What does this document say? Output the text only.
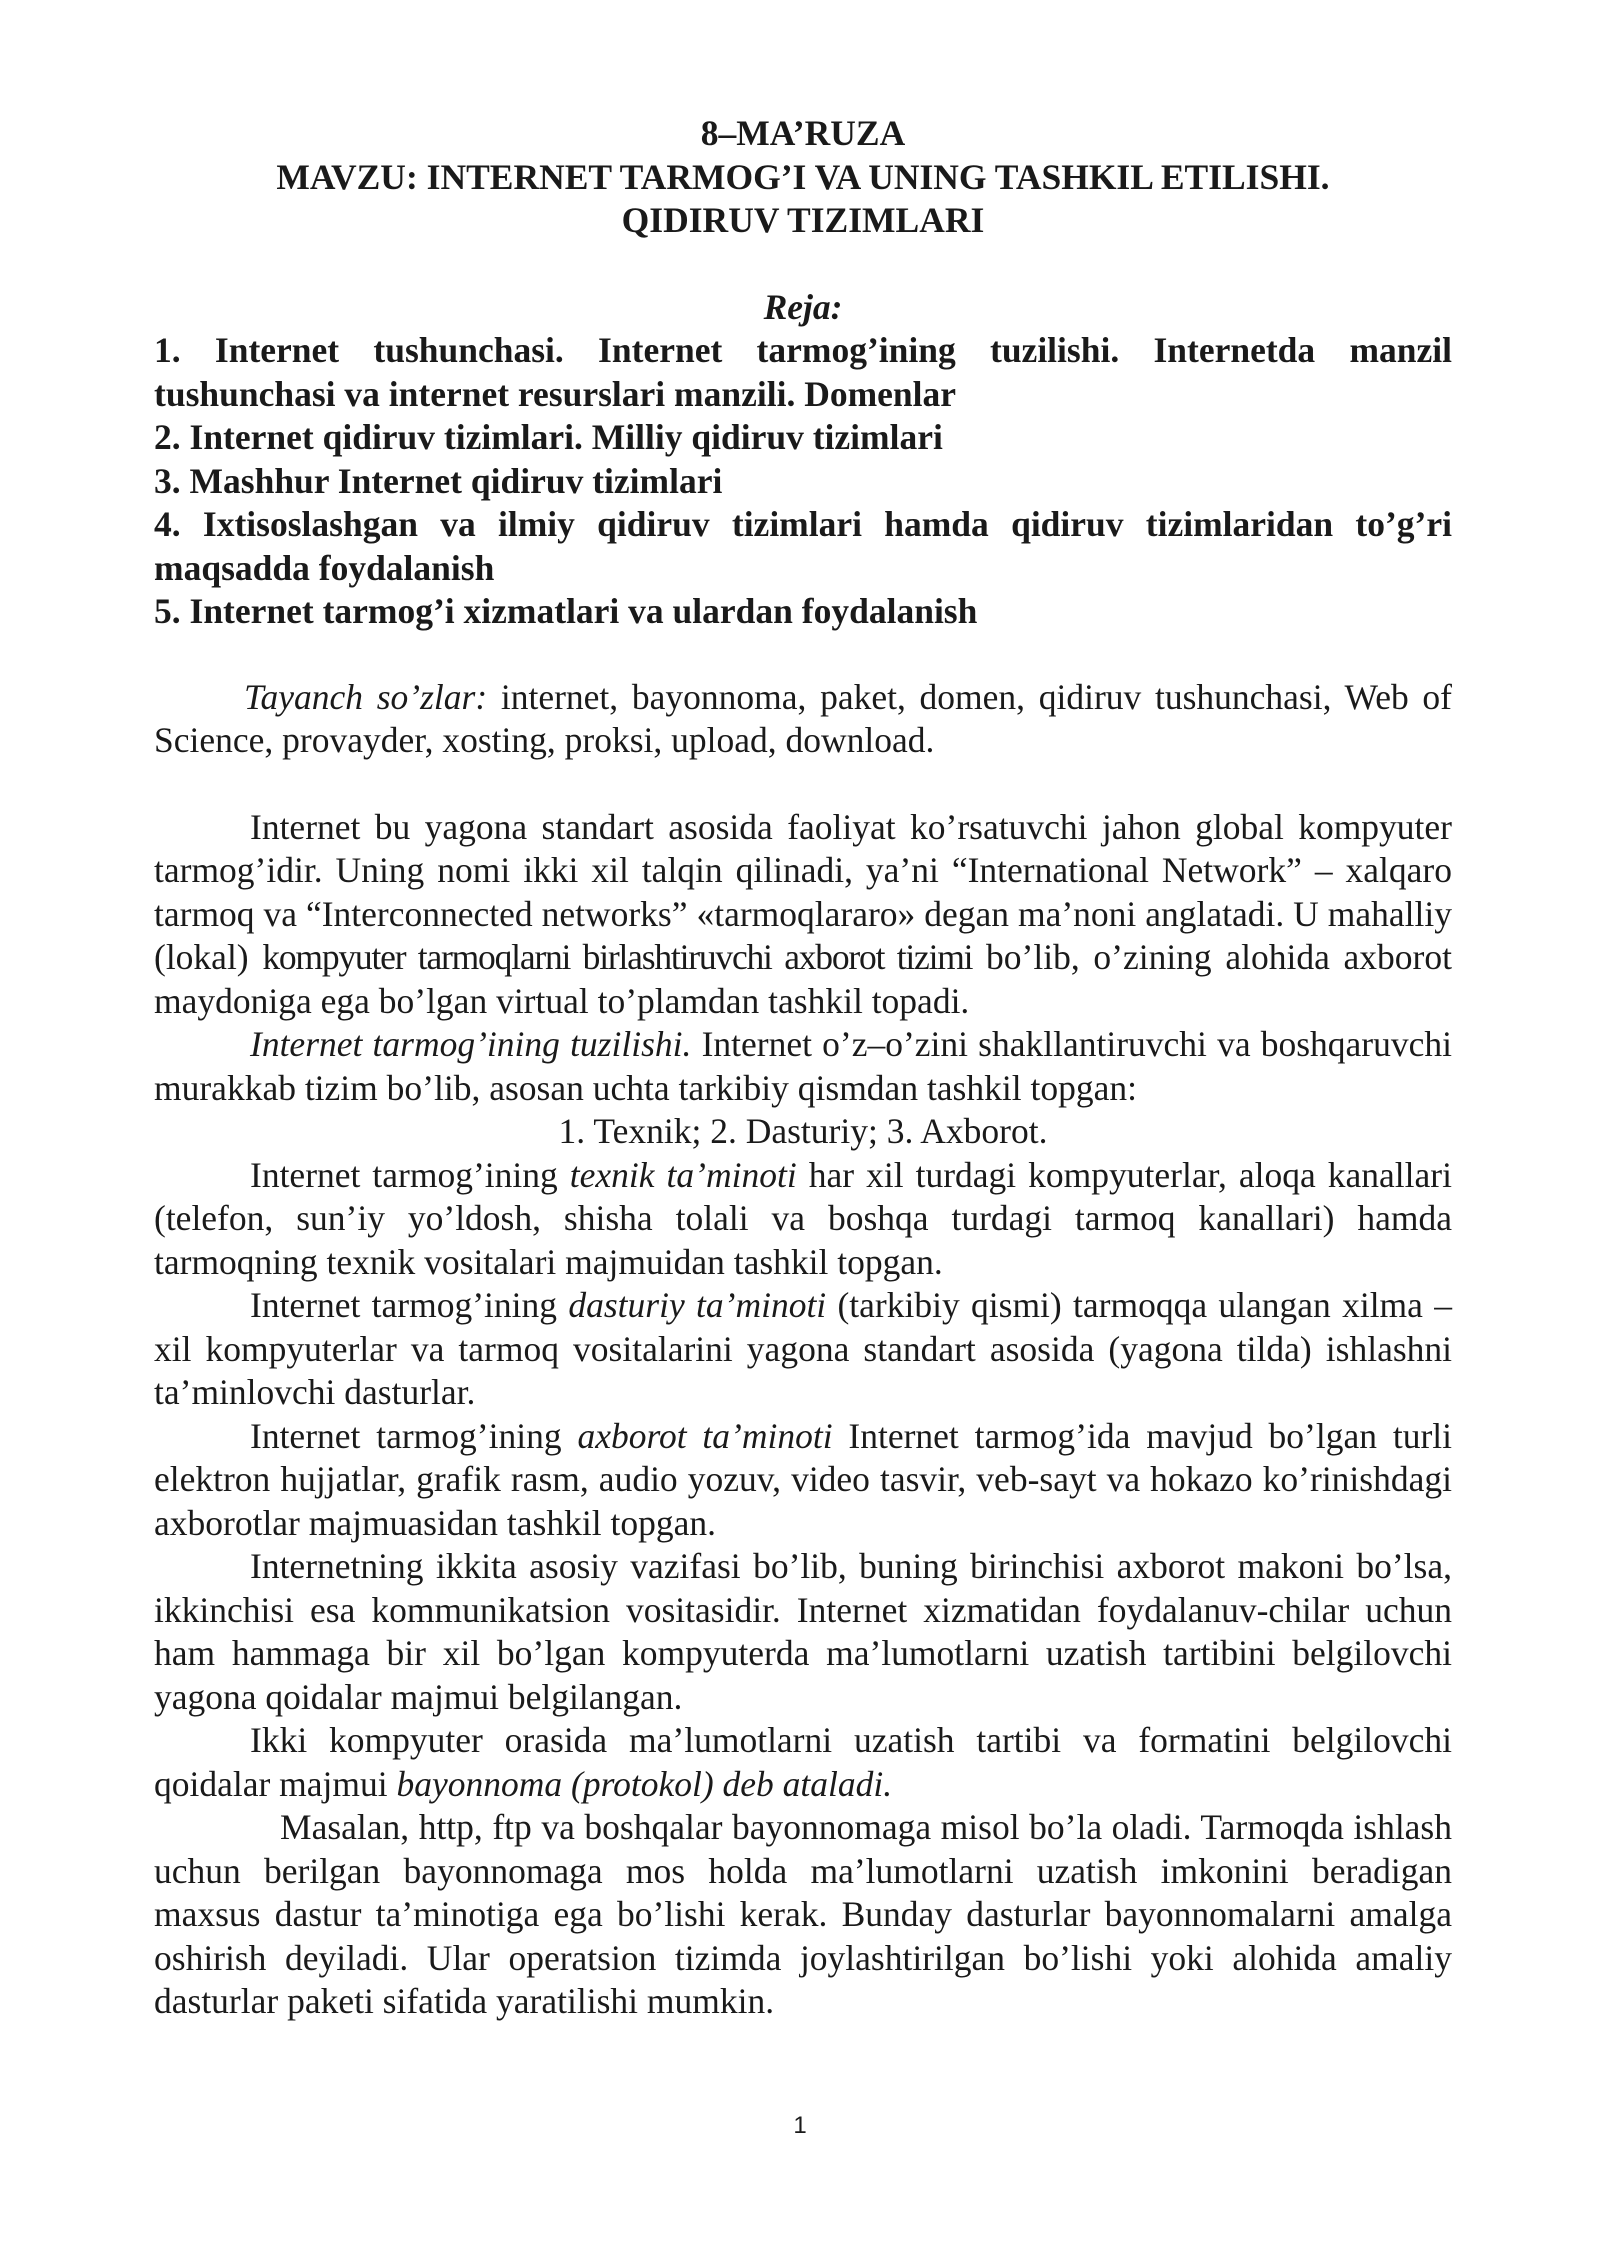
8–MA’RUZA
MAVZU: INTERNET TARMOG’I VA UNING TASHKIL ETILISHI.
QIDIRUV TIZIMLARI
Reja:
1. Internet tushunchasi. Internet tarmog’ining tuzilishi. Internetda manzil tushunchasi va internet resurslari manzili. Domenlar
2. Internet qidiruv tizimlari. Milliy qidiruv tizimlari
3. Mashhur Internet qidiruv tizimlari
4. Ixtisoslashgan va ilmiy qidiruv tizimlari hamda qidiruv tizimlaridan to’g’ri maqsadda foydalanish
5. Internet tarmog’i xizmatlari va ulardan foydalanish
Tayanch so’zlar: internet, bayonnoma, paket, domen, qidiruv tushunchasi, Web of Science, provayder, xosting, proksi, upload, download.
Internet bu yagona standart asosida faoliyat ko’rsatuvchi jahon global kompyuter tarmog’idir. Uning nomi ikki xil talqin qilinadi, ya’ni “International Network” – xalqaro tarmoq va “Interconnected networks” «tarmoqlararo» degan ma’noni anglatadi. U mahalliy (lokal) kompyuter tarmoqlarni birlashtiruvchi axborot tizimi bo’lib, o’zining alohida axborot maydoniga ega bo’lgan virtual to’plamdan tashkil topadi.
Internet tarmog’ining tuzilishi. Internet o’z–o’zini shakllantiruvchi va boshqaruvchi murakkab tizim bo’lib, asosan uchta tarkibiy qismdan tashkil topgan:
1. Texnik; 2. Dasturiy; 3. Axborot.
Internet tarmog’ining texnik ta’minoti har xil turdagi kompyuterlar, aloqa kanallari (telefon, sun’iy yo’ldosh, shisha tolali va boshqa turdagi tarmoq kanallari) hamda tarmoqning texnik vositalari majmuidan tashkil topgan.
Internet tarmog’ining dasturiy ta’minoti (tarkibiy qismi) tarmoqqa ulangan xilma – xil kompyuterlar va tarmoq vositalarini yagona standart asosida (yagona tilda) ishlashni ta’minlovchi dasturlar.
Internet tarmog’ining axborot ta’minoti Internet tarmog’ida mavjud bo’lgan turli elektron hujjatlar, grafik rasm, audio yozuv, video tasvir, veb-sayt va hokazo ko’rinishdagi axborotlar majmuasidan tashkil topgan.
Internetning ikkita asosiy vazifasi bo’lib, buning birinchisi axborot makoni bo’lsa, ikkinchisi esa kommunikatsion vositasidir. Internet xizmatidan foydalanuv-chilar uchun ham hammaga bir xil bo’lgan kompyuterda ma’lumotlarni uzatish tartibini belgilovchi yagona qoidalar majmui belgilangan.
Ikki kompyuter orasida ma’lumotlarni uzatish tartibi va formatini belgilovchi qoidalar majmui bayonnoma (protokol) deb ataladi.
Masalan, http, ftp va boshqalar bayonnomaga misol bo’la oladi. Tarmoqda ishlash uchun berilgan bayonnomaga mos holda ma’lumotlarni uzatish imkonini beradigan maxsus dastur ta’minotiga ega bo’lishi kerak. Bunday dasturlar bayonnomalarni amalga oshirish deyiladi. Ular operatsion tizimda joylashtirilgan bo’lishi yoki alohida amaliy dasturlar paketi sifatida yaratilishi mumkin.
1
